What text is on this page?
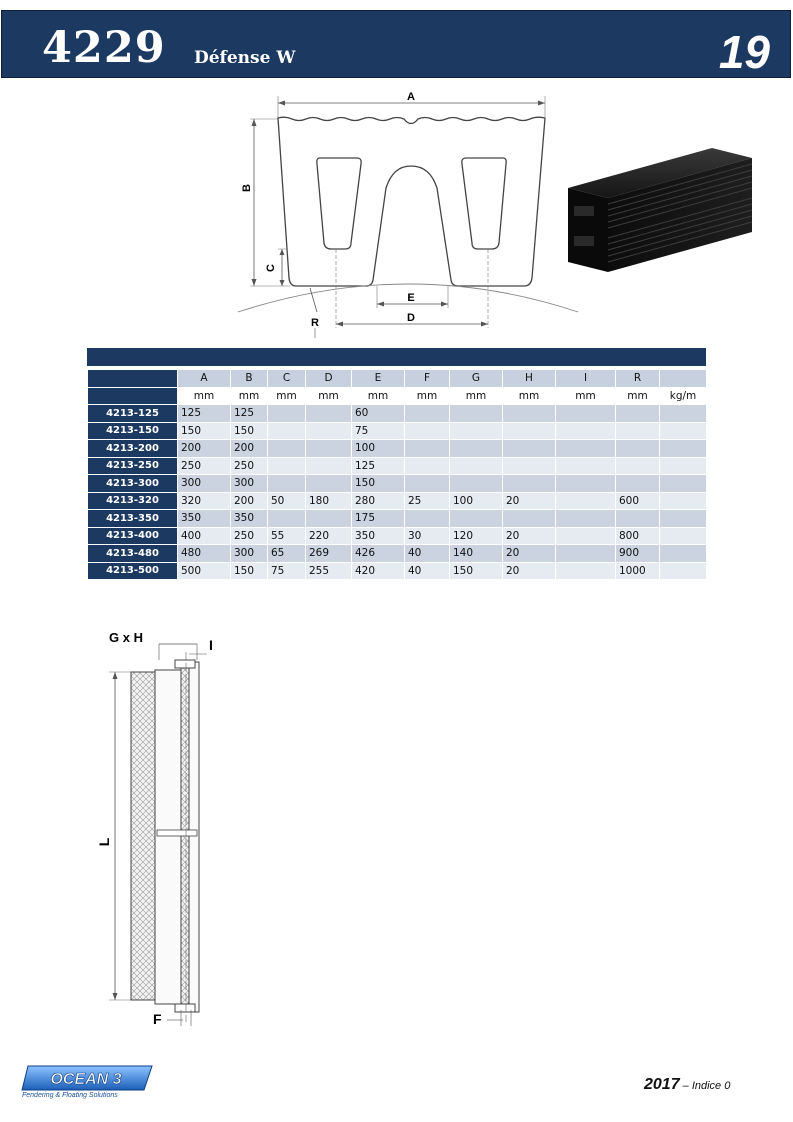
4229 Défense W	19
A
B
C
E
D
R
	A	B	C	D	E	F	G	H	I	R	
	mm	mm	mm	mm	mm	mm	mm	mm	mm	mm	kg/m
4213-125	125	125			60						
4213-150	150	150			75						
4213-200	200	200			100						
4213-250	250	250			125						
4213-300	300	300			150						
4213-320	320	200	50	180	280	25	100	20		600	
4213-350	350	350			175						
4213-400	400	250	55	220	350	30	120	20		800	
4213-480	480	300	65	269	426	40	140	20		900	
4213-500	500	150	75	255	420	40	150	20		1000	
G x H	I
L
F
OCEAN 3
Fendering & Floating Solutions
2017 – Indice 0
